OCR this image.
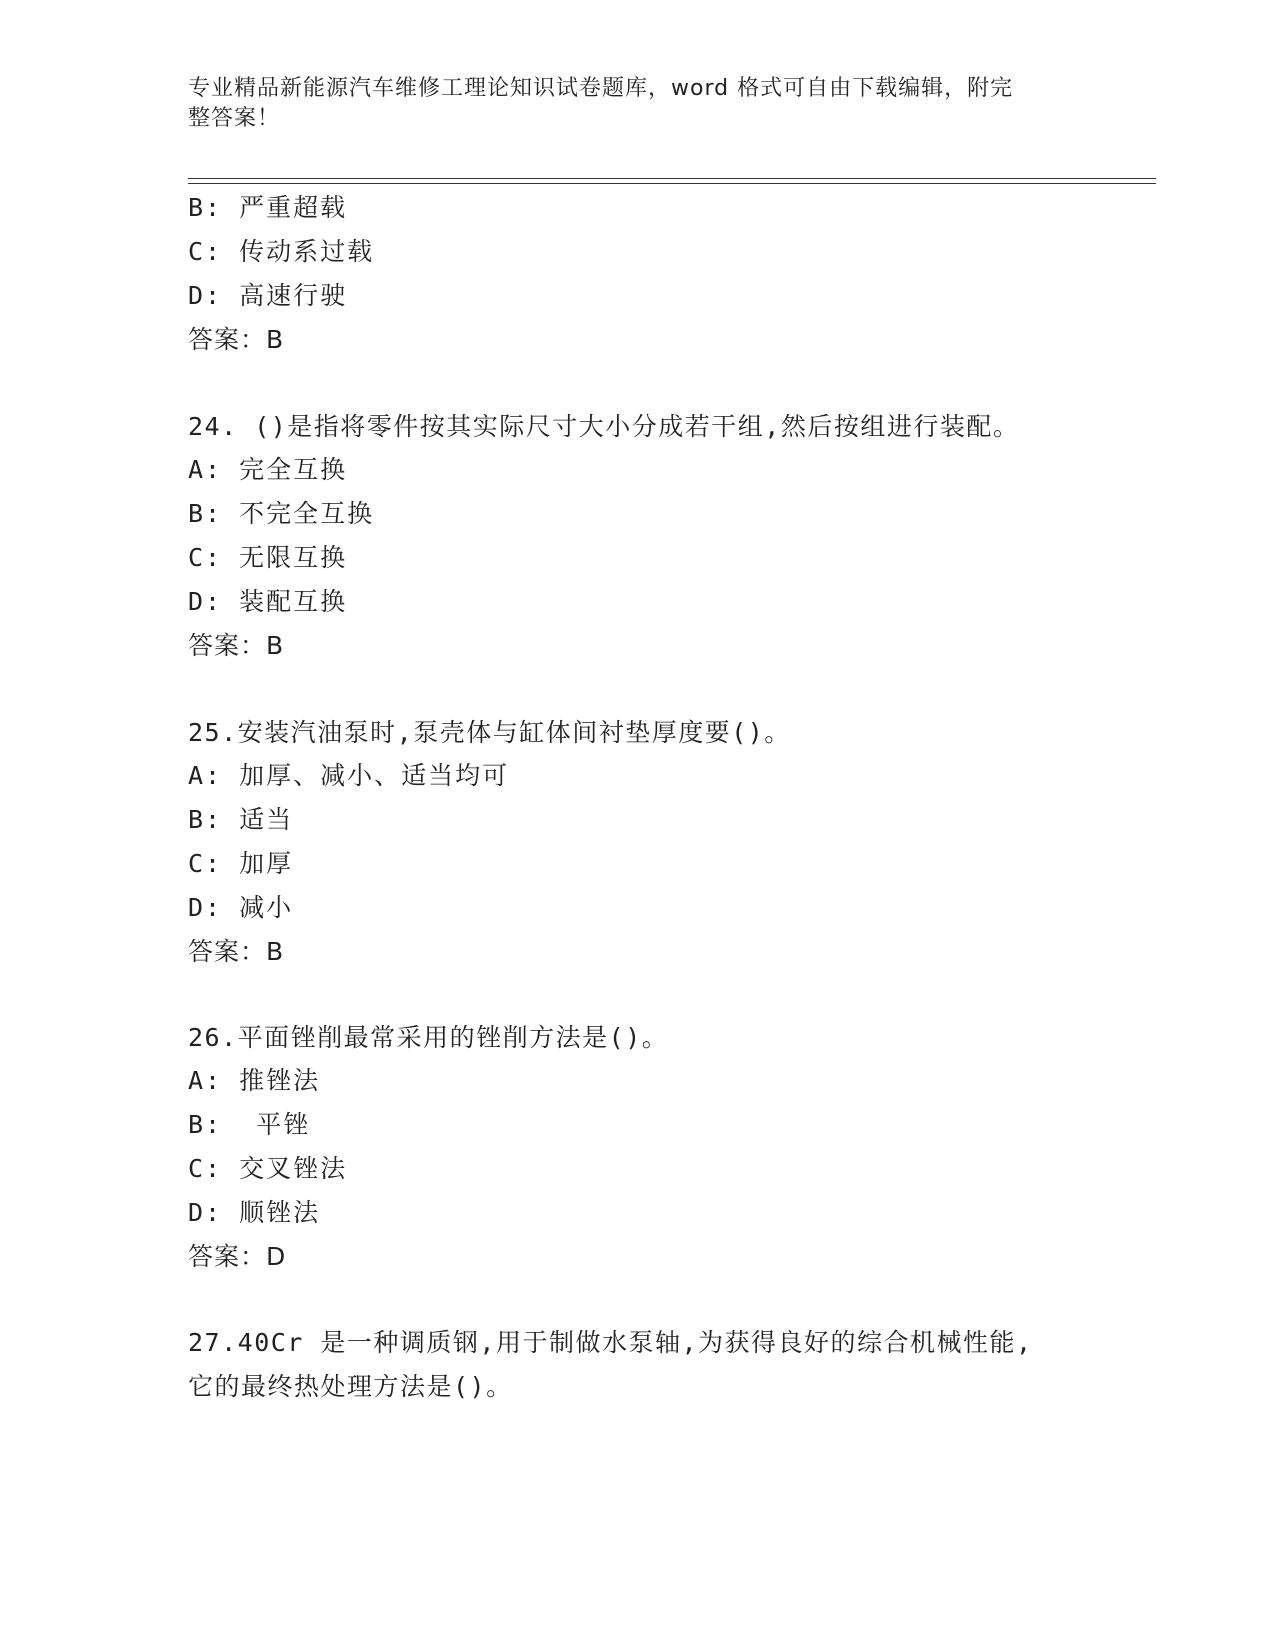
专业精品新能源汽车维修工理论知识试卷题库，word 格式可自由下载编辑，附完
整答案！
B: 严重超载
C: 传动系过载
D: 高速行驶
答案：B
24. ()是指将零件按其实际尺寸大小分成若干组,然后按组进行装配。
A: 完全互换
B: 不完全互换
C: 无限互换
D: 装配互换
答案：B
25.安装汽油泵时,泵壳体与缸体间衬垫厚度要()。
A: 加厚、减小、适当均可
B: 适当
C: 加厚
D: 减小
答案：B
26.平面锉削最常采用的锉削方法是()。
A: 推锉法
B:  平锉
C: 交叉锉法
D: 顺锉法
答案：D
27.40Cr 是一种调质钢,用于制做水泵轴,为获得良好的综合机械性能,
它的最终热处理方法是()。
